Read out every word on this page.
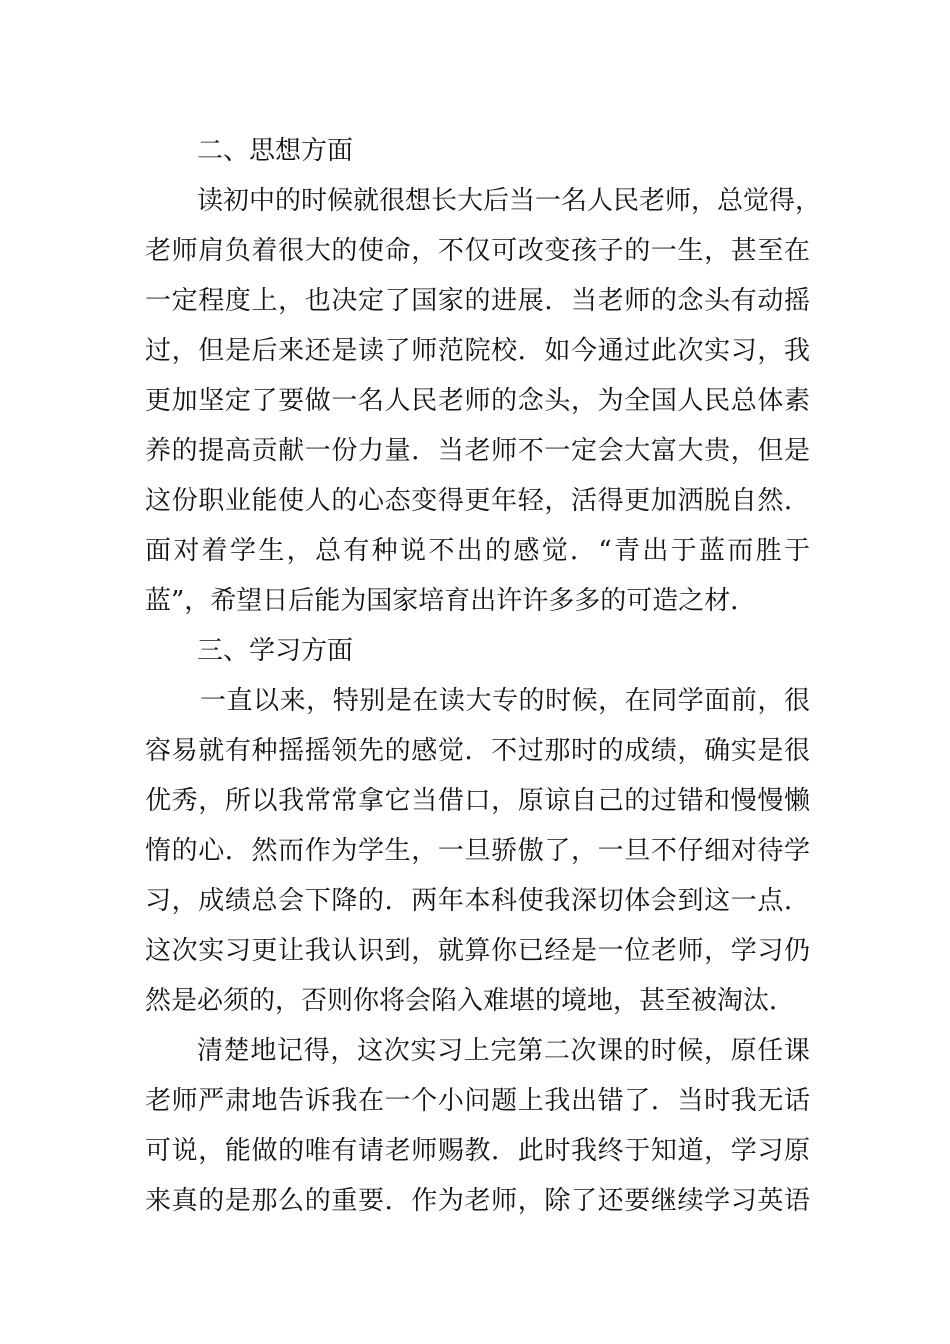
二、思想方面
读初中的时候就很想长大后当一名人民老师，总觉得，
老师肩负着很大的使命，不仅可改变孩子的一生，甚至在
一定程度上，也决定了国家的进展．当老师的念头有动摇
过，但是后来还是读了师范院校．如今通过此次实习，我
更加坚定了要做一名人民老师的念头，为全国人民总体素
养的提高贡献一份力量．当老师不一定会大富大贵，但是
这份职业能使人的心态变得更年轻，活得更加洒脱自然．
面对着学生，总有种说不出的感觉．“青出于蓝而胜于
蓝”，希望日后能为国家培育出许许多多的可造之材．
三、学习方面
一直以来，特别是在读大专的时候，在同学面前，很
容易就有种摇摇领先的感觉．不过那时的成绩，确实是很
优秀，所以我常常拿它当借口，原谅自己的过错和慢慢懒
惰的心．然而作为学生，一旦骄傲了，一旦不仔细对待学
习，成绩总会下降的．两年本科使我深切体会到这一点．
这次实习更让我认识到，就算你已经是一位老师，学习仍
然是必须的，否则你将会陷入难堪的境地，甚至被淘汰．
清楚地记得，这次实习上完第二次课的时候，原任课
老师严肃地告诉我在一个小问题上我出错了．当时我无话
可说，能做的唯有请老师赐教．此时我终于知道，学习原
来真的是那么的重要．作为老师，除了还要继续学习英语
